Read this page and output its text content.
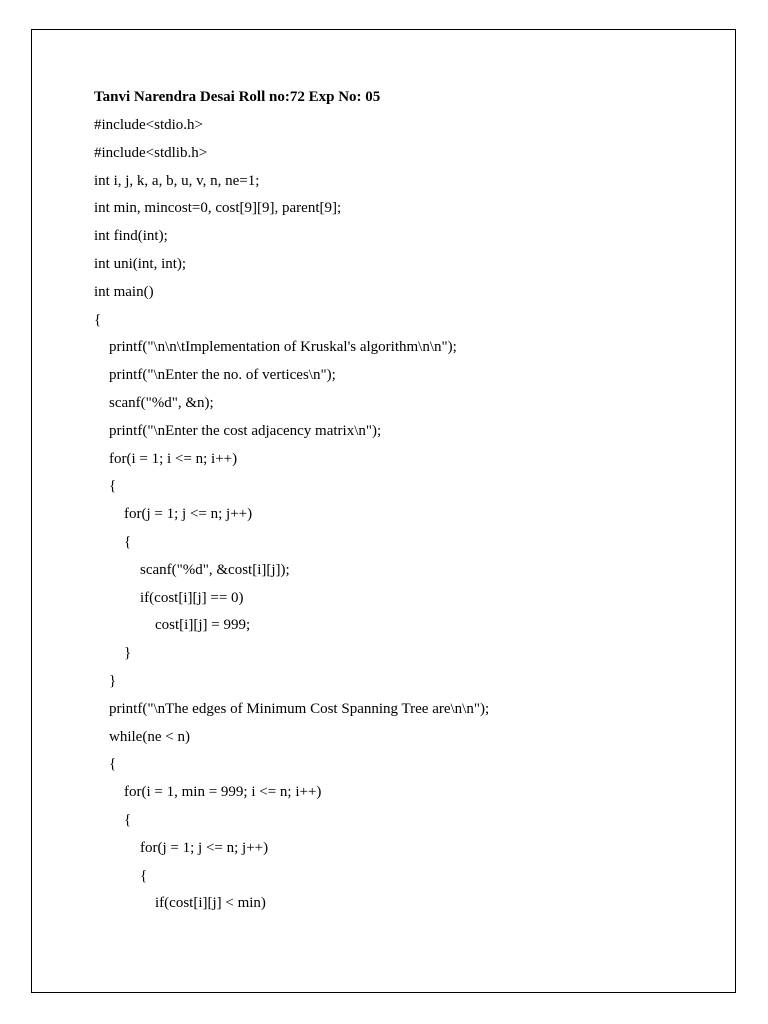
Tanvi Narendra Desai Roll no:72 Exp No: 05
#include<stdio.h>
#include<stdlib.h>
int i, j, k, a, b, u, v, n, ne=1;
int min, mincost=0, cost[9][9], parent[9];
int find(int);
int uni(int, int);
int main()
{
printf("\n\n\tImplementation of Kruskal's algorithm\n\n");
printf("\nEnter the no. of vertices\n");
scanf("%d", &n);
printf("\nEnter the cost adjacency matrix\n");
for(i = 1; i <= n; i++)
{
for(j = 1; j <= n; j++)
{
scanf("%d", &cost[i][j]);
if(cost[i][j] == 0)
cost[i][j] = 999;
}
}
printf("\nThe edges of Minimum Cost Spanning Tree are\n\n");
while(ne < n)
{
for(i = 1, min = 999; i <= n; i++)
{
for(j = 1; j <= n; j++)
{
if(cost[i][j] < min)
